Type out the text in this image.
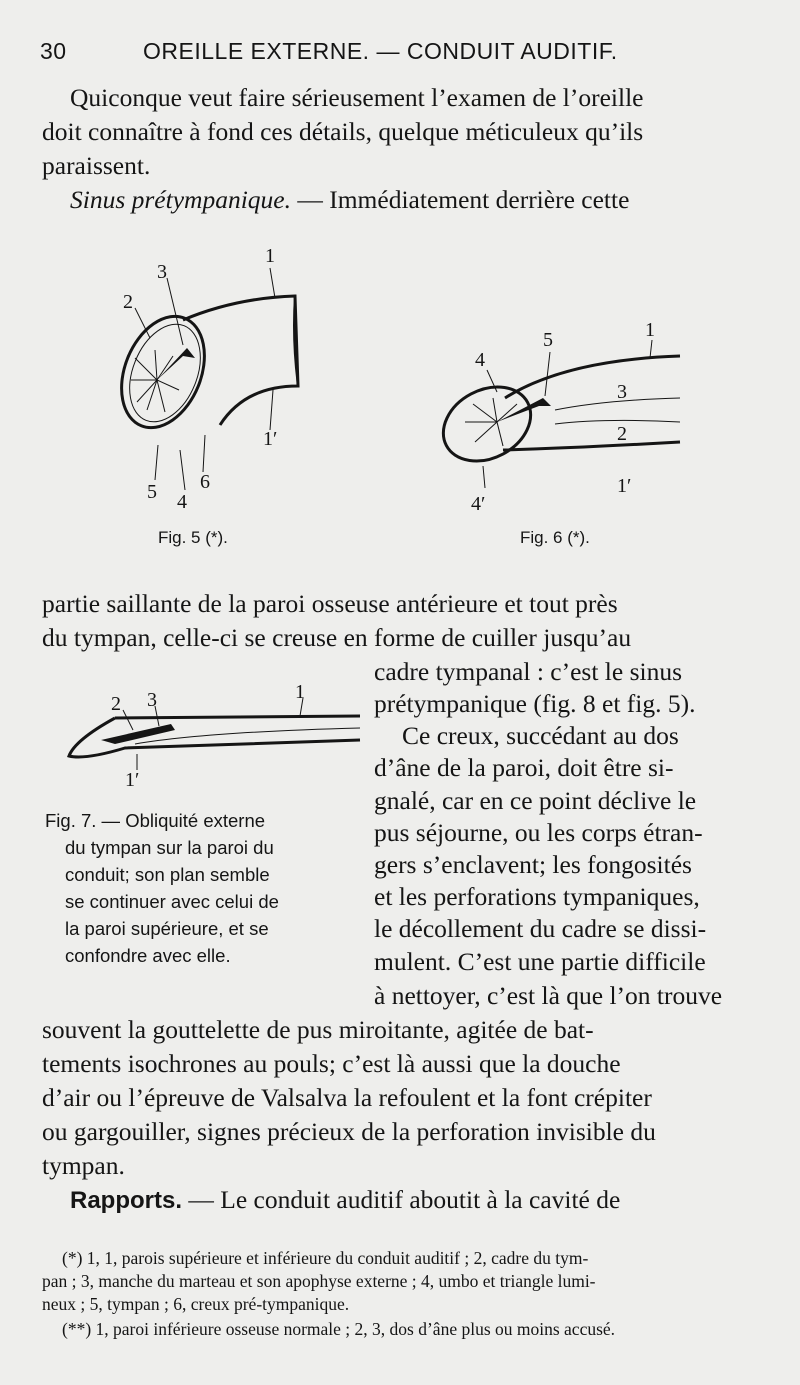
30	OREILLE EXTERNE. — CONDUIT AUDITIF.
Quiconque veut faire sérieusement l’examen de l’oreille
doit connaître à fond ces détails, quelque méticuleux qu’ils
paraissent.
Sinus prétympanique. — Immédiatement derrière cette
1
3
2
1′
5 4
6
Fig. 5 (*).
1
5
4
3
2
1′
4′
Fig. 6 (*).
partie saillante de la paroi osseuse antérieure et tout près
du tympan, celle-ci se creuse en forme de cuiller jusqu’au
cadre tympanal : c’est le sinus
prétympanique (fig. 8 et fig. 5).
Ce creux, succédant au dos
d’âne de la paroi, doit être si-
gnalé, car en ce point déclive le
pus séjourne, ou les corps étran-
gers s’enclavent; les fongosités
et les perforations tympaniques,
le décollement du cadre se dissi-
mulent. C’est une partie difficile
à nettoyer, c’est là que l’on trouve
1
2 3
1′
Fig. 7. — Obliquité externe
du tympan sur la paroi du
conduit; son plan semble
se continuer avec celui de
la paroi supérieure, et se
confondre avec elle.
souvent la gouttelette de pus miroitante, agitée de bat-
tements isochrones au pouls; c’est là aussi que la douche
d’air ou l’épreuve de Valsalva la refoulent et la font crépiter
ou gargouiller, signes précieux de la perforation invisible du
tympan.
Rapports. — Le conduit auditif aboutit à la cavité de
(*) 1, 1, parois supérieure et inférieure du conduit auditif ; 2, cadre du tym-
pan ; 3, manche du marteau et son apophyse externe ; 4, umbo et triangle lumi-
neux ; 5, tympan ; 6, creux pré-tympanique.
(**) 1, paroi inférieure osseuse normale ; 2, 3, dos d’âne plus ou moins accusé.
